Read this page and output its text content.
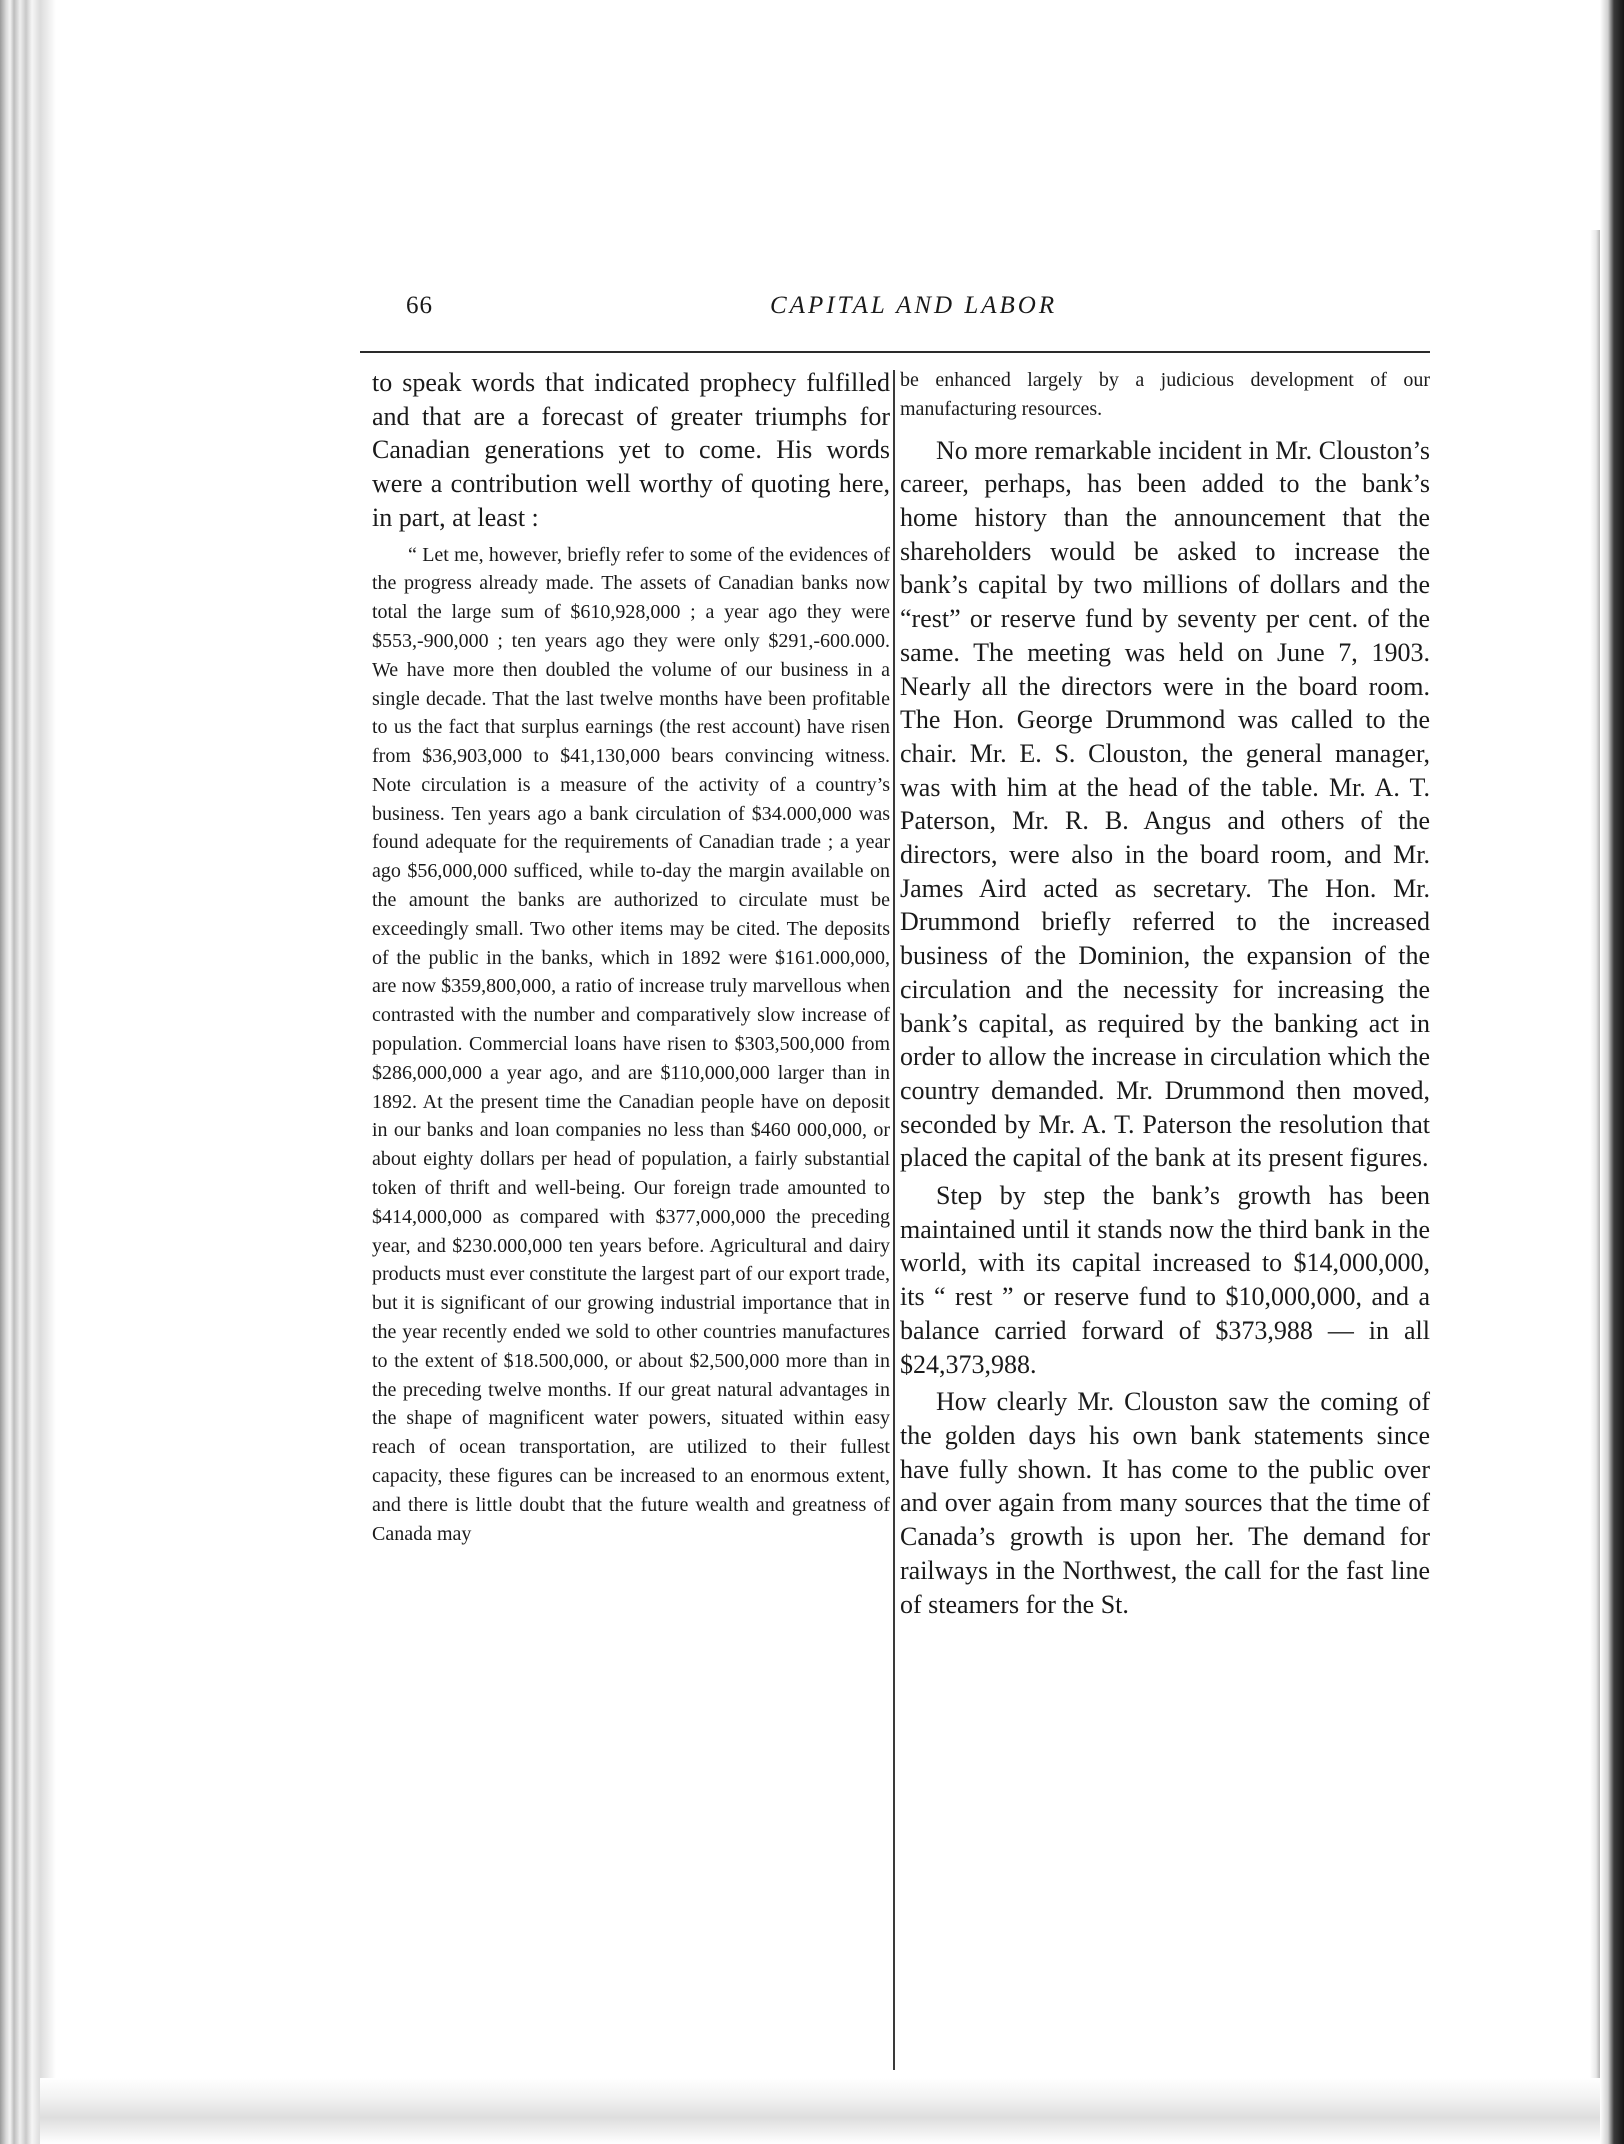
66	CAPITAL AND LABOR

to speak words that indicated prophecy fulfilled and that are a forecast of greater triumphs for Canadian generations yet to come. His words were a contribution well worthy of quoting here, in part, at least :

“ Let me, however, briefly refer to some of the evidences of the progress already made. The assets of Canadian banks now total the large sum of $610,928,000 ; a year ago they were $553,-900,000 ; ten years ago they were only $291,-600.000. We have more then doubled the volume of our business in a single decade. That the last twelve months have been profitable to us the fact that surplus earnings (the rest account) have risen from $36,903,000 to $41,130,000 bears convincing witness. Note circulation is a measure of the activity of a country’s business. Ten years ago a bank circulation of $34.000,000 was found adequate for the requirements of Canadian trade ; a year ago $56,000,000 sufficed, while to-day the margin available on the amount the banks are authorized to circulate must be exceedingly small. Two other items may be cited. The deposits of the public in the banks, which in 1892 were $161.000,000, are now $359,800,000, a ratio of increase truly marvellous when contrasted with the number and comparatively slow increase of population. Commercial loans have risen to $303,500,000 from $286,000,000 a year ago, and are $110,000,000 larger than in 1892. At the present time the Canadian people have on deposit in our banks and loan companies no less than $460 000,000, or about eighty dollars per head of population, a fairly substantial token of thrift and well-being. Our foreign trade amounted to $414,000,000 as compared with $377,000,000 the preceding year, and $230.000,000 ten years before. Agricultural and dairy products must ever constitute the largest part of our export trade, but it is significant of our growing industrial importance that in the year recently ended we sold to other countries manufactures to the extent of $18.500,000, or about $2,500,000 more than in the preceding twelve months. If our great natural advantages in the shape of magnificent water powers, situated within easy reach of ocean transportation, are utilized to their fullest capacity, these figures can be increased to an enormous extent, and there is little doubt that the future wealth and greatness of Canada may

be enhanced largely by a judicious development of our manufacturing resources.

No more remarkable incident in Mr. Clouston’s career, perhaps, has been added to the bank’s home history than the announcement that the shareholders would be asked to increase the bank’s capital by two millions of dollars and the “rest” or reserve fund by seventy per cent. of the same. The meeting was held on June 7, 1903. Nearly all the directors were in the board room. The Hon. George Drummond was called to the chair. Mr. E. S. Clouston, the general manager, was with him at the head of the table. Mr. A. T. Paterson, Mr. R. B. Angus and others of the directors, were also in the board room, and Mr. James Aird acted as secretary. The Hon. Mr. Drummond briefly referred to the increased business of the Dominion, the expansion of the circulation and the necessity for increasing the bank’s capital, as required by the banking act in order to allow the increase in circulation which the country demanded. Mr. Drummond then moved, seconded by Mr. A. T. Paterson the resolution that placed the capital of the bank at its present figures.

Step by step the bank’s growth has been maintained until it stands now the third bank in the world, with its capital increased to $14,000,000, its “ rest ” or reserve fund to $10,000,000, and a balance carried forward of $373,988 — in all $24,373,988.

How clearly Mr. Clouston saw the coming of the golden days his own bank statements since have fully shown. It has come to the public over and over again from many sources that the time of Canada’s growth is upon her. The demand for railways in the Northwest, the call for the fast line of steamers for the St.
